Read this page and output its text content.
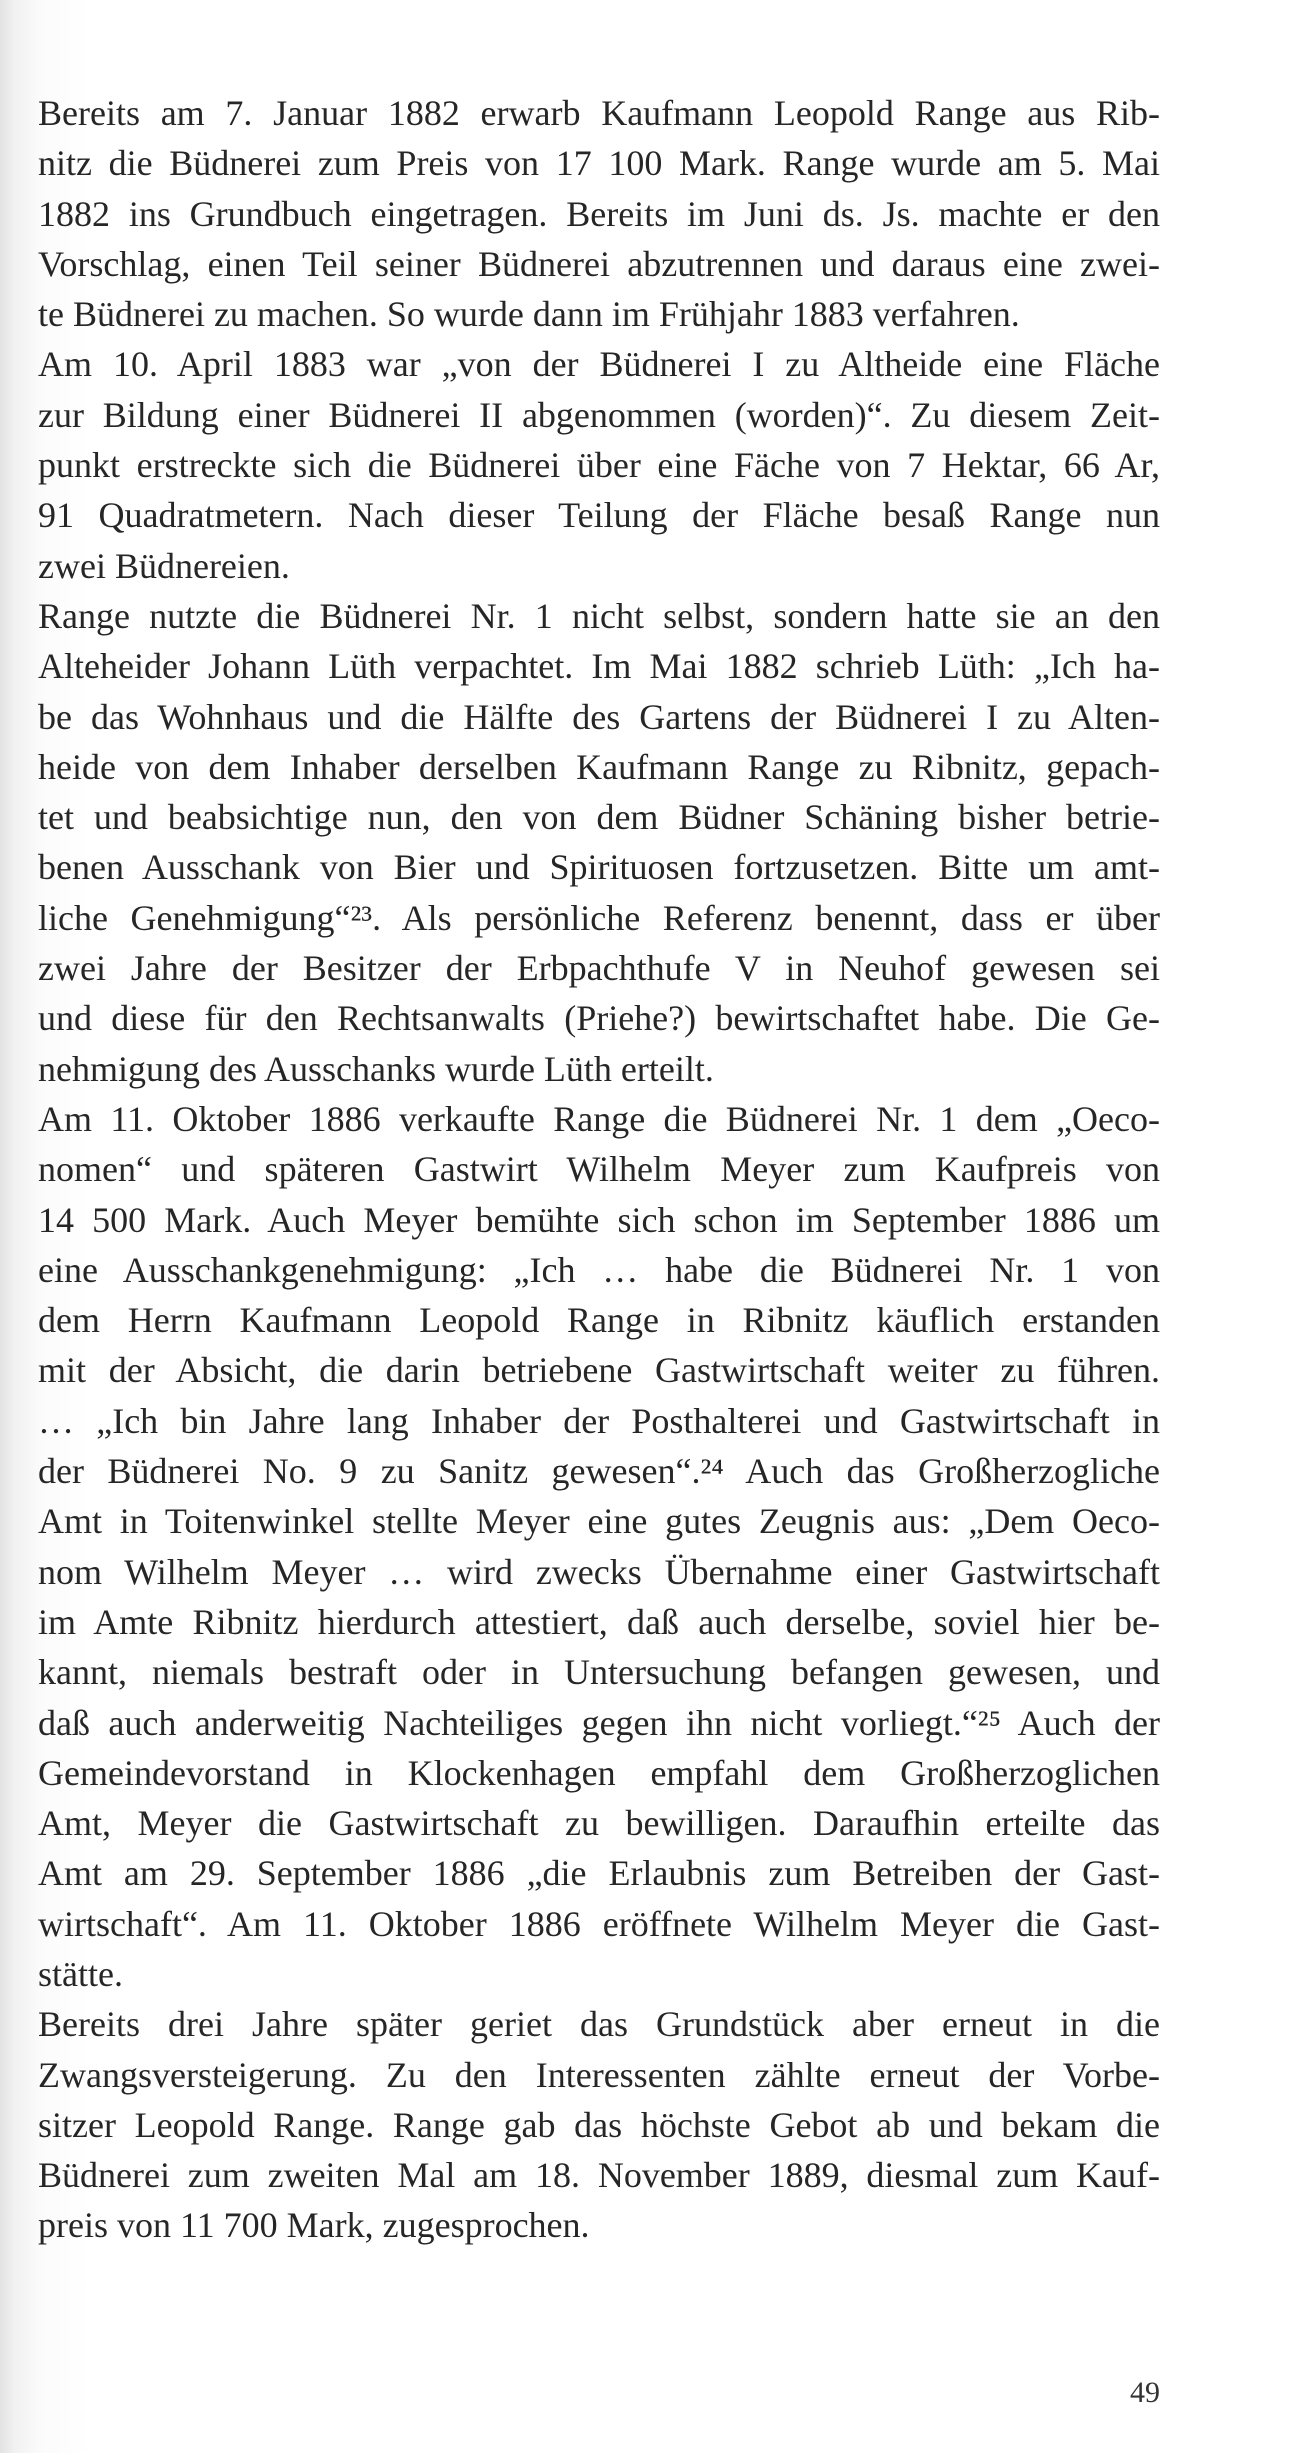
Bereits am 7. Januar 1882 erwarb Kaufmann Leopold Range aus Rib-
nitz die Büdnerei zum Preis von 17 100 Mark. Range wurde am 5. Mai
1882 ins Grundbuch eingetragen. Bereits im Juni ds. Js. machte er den
Vorschlag, einen Teil seiner Büdnerei abzutrennen und daraus eine zwei-
te Büdnerei zu machen. So wurde dann im Frühjahr 1883 verfahren.
Am 10. April 1883 war „von der Büdnerei I zu Altheide eine Fläche
zur Bildung einer Büdnerei II abgenommen (worden)“. Zu diesem Zeit-
punkt erstreckte sich die Büdnerei über eine Fäche von 7 Hektar, 66 Ar,
91 Quadratmetern. Nach dieser Teilung der Fläche besaß Range nun
zwei Büdnereien.
Range nutzte die Büdnerei Nr. 1 nicht selbst, sondern hatte sie an den
Alteheider Johann Lüth verpachtet. Im Mai 1882 schrieb Lüth: „Ich ha-
be das Wohnhaus und die Hälfte des Gartens der Büdnerei I zu Alten-
heide von dem Inhaber derselben Kaufmann Range zu Ribnitz, gepach-
tet und beabsichtige nun, den von dem Büdner Schäning bisher betrie-
benen Ausschank von Bier und Spirituosen fortzusetzen. Bitte um amt-
liche Genehmigung“²³. Als persönliche Referenz benennt, dass er über
zwei Jahre der Besitzer der Erbpachthufe V in Neuhof gewesen sei
und diese für den Rechtsanwalts (Priehe?) bewirtschaftet habe. Die Ge-
nehmigung des Ausschanks wurde Lüth erteilt.
Am 11. Oktober 1886 verkaufte Range die Büdnerei Nr. 1 dem „Oeco-
nomen“ und späteren Gastwirt Wilhelm Meyer zum Kaufpreis von
14 500 Mark. Auch Meyer bemühte sich schon im September 1886 um
eine Ausschankgenehmigung: „Ich … habe die Büdnerei Nr. 1 von
dem Herrn Kaufmann Leopold Range in Ribnitz käuflich erstanden
mit der Absicht, die darin betriebene Gastwirtschaft weiter zu führen.
… „Ich bin Jahre lang Inhaber der Posthalterei und Gastwirtschaft in
der Büdnerei No. 9 zu Sanitz gewesen“.²⁴ Auch das Großherzogliche
Amt in Toitenwinkel stellte Meyer eine gutes Zeugnis aus: „Dem Oeco-
nom Wilhelm Meyer … wird zwecks Übernahme einer Gastwirtschaft
im Amte Ribnitz hierdurch attestiert, daß auch derselbe, soviel hier be-
kannt, niemals bestraft oder in Untersuchung befangen gewesen, und
daß auch anderweitig Nachteiliges gegen ihn nicht vorliegt.“²⁵ Auch der
Gemeindevorstand in Klockenhagen empfahl dem Großherzoglichen
Amt, Meyer die Gastwirtschaft zu bewilligen. Daraufhin erteilte das
Amt am 29. September 1886 „die Erlaubnis zum Betreiben der Gast-
wirtschaft“. Am 11. Oktober 1886 eröffnete Wilhelm Meyer die Gast-
stätte.
Bereits drei Jahre später geriet das Grundstück aber erneut in die
Zwangsversteigerung. Zu den Interessenten zählte erneut der Vorbe-
sitzer Leopold Range. Range gab das höchste Gebot ab und bekam die
Büdnerei zum zweiten Mal am 18. November 1889, diesmal zum Kauf-
preis von 11 700 Mark, zugesprochen.
49
